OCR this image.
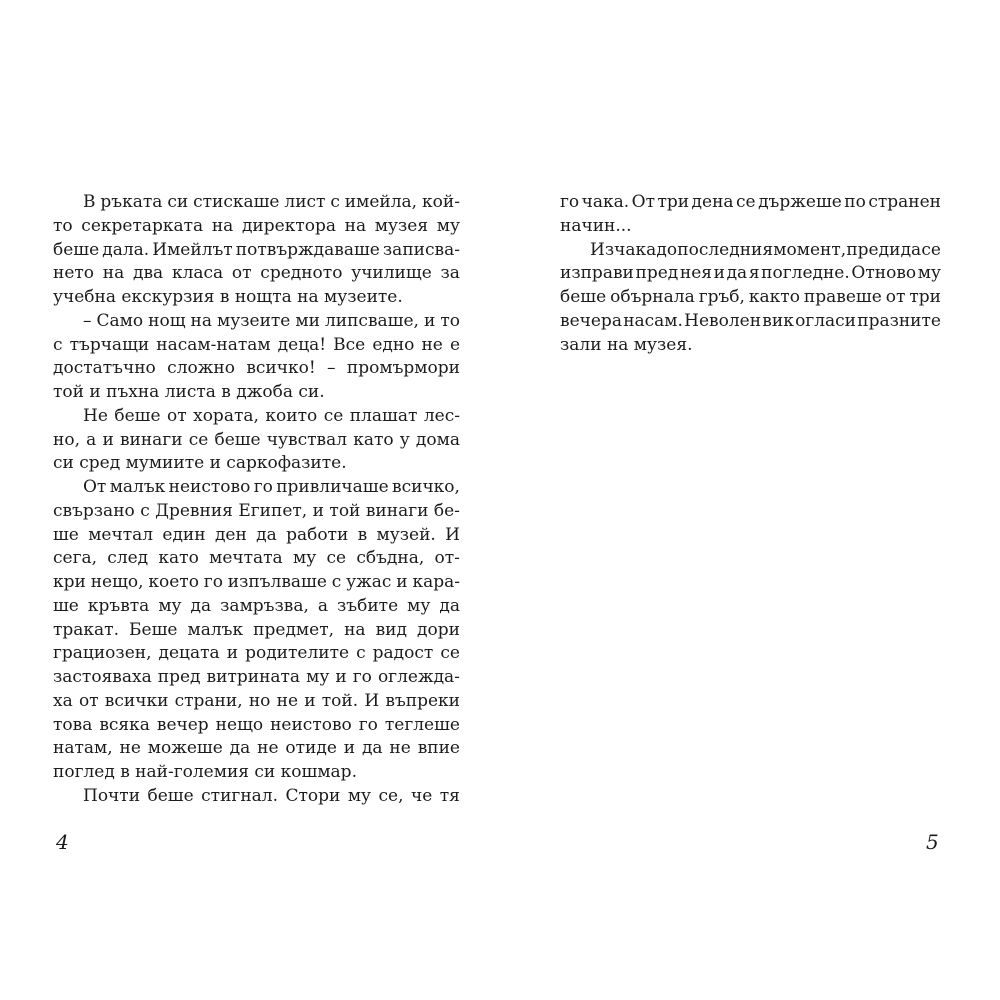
В ръката си стискаше лист с имейла, кой-
то секретарката на директора на музея му
беше дала. Имейлът потвърждаваше записва-
нето на два класа от средното училище за
учебна екскурзия в нощта на музеите.
– Само нощ на музеите ми липсваше, и то
с търчащи насам-натам деца! Все едно не е
достатъчно сложно всичко! – промърмори
той и пъхна листа в джоба си.
Не беше от хората, които се плашат лес-
но, а и винаги се беше чувствал като у дома
си сред мумиите и саркофазите.
От малък неистово го привличаше всичко,
свързано с Древния Египет, и той винаги бе-
ше мечтал един ден да работи в музей. И
сега, след като мечтата му се сбъдна, от-
кри нещо, което го изпълваше с ужас и кара-
ше кръвта му да замръзва, а зъбите му да
тракат. Беше малък предмет, на вид дори
грациозен, децата и родителите с радост се
застояваха пред витрината му и го оглежда-
ха от всички страни, но не и той. И въпреки
това всяка вечер нещо неистово го теглеше
натам, не можеше да не отиде и да не впие
поглед в най-големия си кошмар.
Почти беше стигнал. Стори му се, че тя
го чака. От три дена се държеше по странен
начин...
Изчака до последния момент, преди да се
изправи пред нея и да я погледне. Отново му
беше обърнала гръб, както правеше от три
вечера насам. Неволен вик огласи празните
зали на музея.
4	5
